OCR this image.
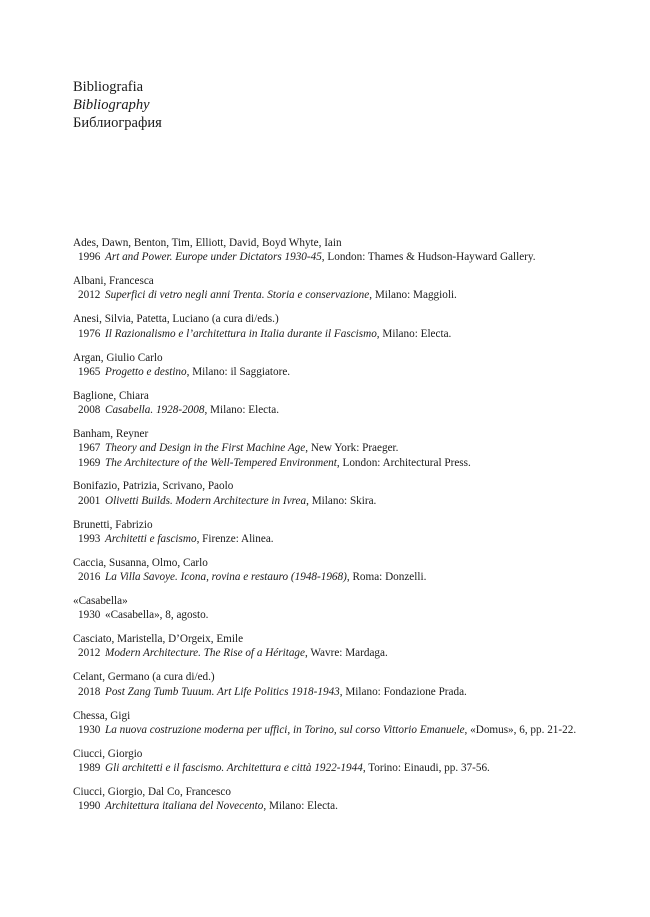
Bibliografia
Bibliography
Библиография
Ades, Dawn, Benton, Tim, Elliott, David, Boyd Whyte, Iain
1996 Art and Power. Europe under Dictators 1930-45, London: Thames & Hudson-Hayward Gallery.
Albani, Francesca
2012 Superfici di vetro negli anni Trenta. Storia e conservazione, Milano: Maggioli.
Anesi, Silvia, Patetta, Luciano (a cura di/eds.)
1976 Il Razionalismo e l’architettura in Italia durante il Fascismo, Milano: Electa.
Argan, Giulio Carlo
1965 Progetto e destino, Milano: il Saggiatore.
Baglione, Chiara
2008 Casabella. 1928-2008, Milano: Electa.
Banham, Reyner
1967 Theory and Design in the First Machine Age, New York: Praeger.
1969 The Architecture of the Well-Tempered Environment, London: Architectural Press.
Bonifazio, Patrizia, Scrivano, Paolo
2001 Olivetti Builds. Modern Architecture in Ivrea, Milano: Skira.
Brunetti, Fabrizio
1993 Architetti e fascismo, Firenze: Alinea.
Caccia, Susanna, Olmo, Carlo
2016 La Villa Savoye. Icona, rovina e restauro (1948-1968), Roma: Donzelli.
«Casabella»
1930 «Casabella», 8, agosto.
Casciato, Maristella, D’Orgeix, Emile
2012 Modern Architecture. The Rise of a Héritage, Wavre: Mardaga.
Celant, Germano (a cura di/ed.)
2018 Post Zang Tumb Tuuum. Art Life Politics 1918-1943, Milano: Fondazione Prada.
Chessa, Gigi
1930 La nuova costruzione moderna per uffici, in Torino, sul corso Vittorio Emanuele, «Domus», 6, pp. 21-22.
Ciucci, Giorgio
1989 Gli architetti e il fascismo. Architettura e città 1922-1944, Torino: Einaudi, pp. 37-56.
Ciucci, Giorgio, Dal Co, Francesco
1990 Architettura italiana del Novecento, Milano: Electa.
